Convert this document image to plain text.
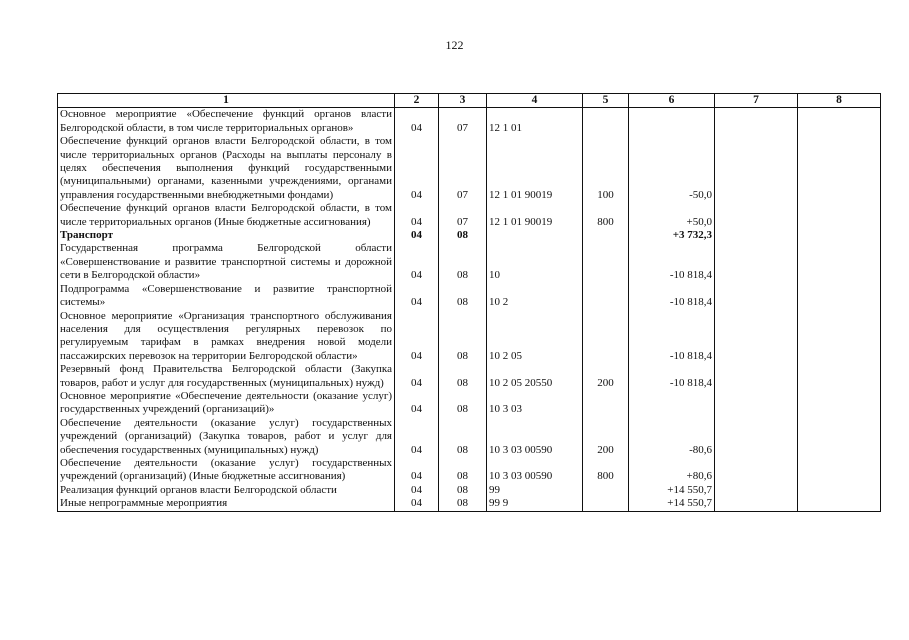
122
1	2	3	4	5	6	7	8
Основное мероприятие «Обеспечение функций органов власти Белгородской области, в том числе территориальных органов»	04	07	12 1 01				
Обеспечение функций органов власти Белгородской области, в том числе территориальных органов (Расходы на выплаты персоналу в целях обеспечения выполнения функций государственными (муниципальными) органами, казенными учреждениями, органами управления государственными внебюджетными фондами)	04	07	12 1 01 90019	100	-50,0		
Обеспечение функций органов власти Белгородской области, в том числе территориальных органов (Иные бюджетные ассигнования)	04	07	12 1 01 90019	800	+50,0		
Транспорт	04	08			+3 732,3		
Государственная программа Белгородской области «Совершенствование и развитие транспортной системы и дорожной сети в Белгородской области»	04	08	10		-10 818,4		
Подпрограмма «Совершенствование и развитие транспортной системы»	04	08	10 2		-10 818,4		
Основное мероприятие «Организация транспортного обслуживания населения для осуществления регулярных перевозок по регулируемым тарифам в рамках внедрения новой модели пассажирских перевозок на территории Белгородской области»	04	08	10 2 05		-10 818,4		
Резервный фонд Правительства Белгородской области (Закупка товаров, работ и услуг для государственных (муниципальных) нужд)	04	08	10 2 05 20550	200	-10 818,4		
Основное мероприятие «Обеспечение деятельности (оказание услуг) государственных учреждений (организаций)»	04	08	10 3 03				
Обеспечение деятельности (оказание услуг) государственных учреждений (организаций) (Закупка товаров, работ и услуг для обеспечения государственных (муниципальных) нужд)	04	08	10 3 03 00590	200	-80,6		
Обеспечение деятельности (оказание услуг) государственных учреждений (организаций) (Иные бюджетные ассигнования)	04	08	10 3 03 00590	800	+80,6		
Реализация функций органов власти Белгородской области	04	08	99		+14 550,7		
Иные непрограммные мероприятия	04	08	99 9		+14 550,7		
